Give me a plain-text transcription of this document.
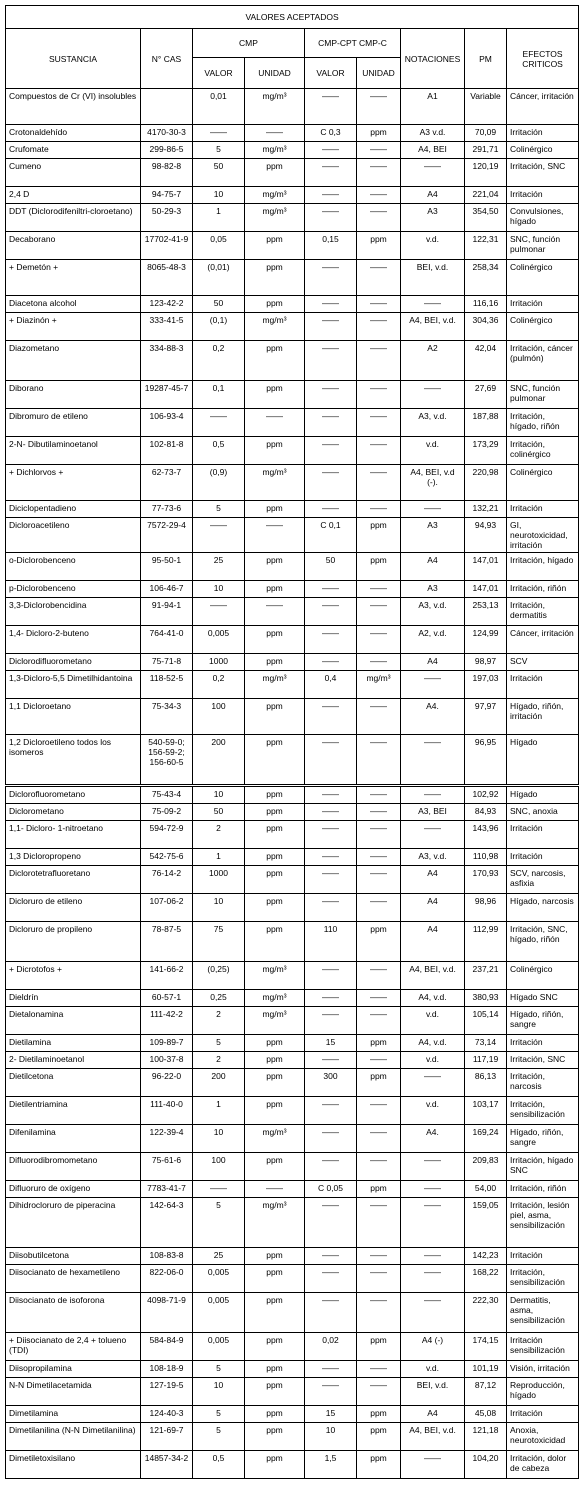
VALORES ACEPTADOS								
SUSTANCIA	N° CAS	CMP		CMP-CPT CMP-C		NOTACIONES	PM	EFECTOS CRITICOS
		VALOR	UNIDAD	VALOR	UNIDAD			
Compuestos de Cr (VI) insolubles		0,01	mg/m³	——	——	A1	Variable	Cáncer, irritación
Crotonaldehído	4170-30-3	——	——	C 0,3	ppm	A3 v.d.	70,09	Irritación
Crufomate	299-86-5	5	mg/m³	——	——	A4, BEI	291,71	Colinérgico
Cumeno	98-82-8	50	ppm	——	——	——	120,19	Irritación, SNC
2,4 D	94-75-7	10	mg/m³	——	——	A4	221,04	Irritación
DDT (Diclorodifeniltri-cloroetano)	50-29-3	1	mg/m³	——	——	A3	354,50	Convulsiones, hígado
Decaborano	17702-41-9	0,05	ppm	0,15	ppm	v.d.	122,31	SNC, función pulmonar
+ Demetón +	8065-48-3	(0,01)	ppm	——	——	BEI, v.d.	258,34	Colinérgico
Diacetona alcohol	123-42-2	50	ppm	——	——	——	116,16	Irritación
+ Diazinón +	333-41-5	(0,1)	mg/m³	——	——	A4, BEI, v.d.	304,36	Colinérgico
Diazometano	334-88-3	0,2	ppm	——	——	A2	42,04	Irritación, cáncer (pulmón)
Diborano	19287-45-7	0,1	ppm	——	——	——	27,69	SNC, función pulmonar
Dibromuro de etileno	106-93-4	——	——	——	——	A3, v.d.	187,88	Irritación, hígado, riñón
2-N- Dibutilaminoetanol	102-81-8	0,5	ppm	——	——	v.d.	173,29	Irritación, colinérgico
+ Dichlorvos +	62-73-7	(0,9)	mg/m³	——	——	A4, BEI, v.d (-).	220,98	Colinérgico
Diciclopentadieno	77-73-6	5	ppm	——	——	——	132,21	Irritación
Dicloroacetileno	7572-29-4	——	——	C 0,1	ppm	A3	94,93	GI, neurotoxicidad, irritación
o-Diclorobenceno	95-50-1	25	ppm	50	ppm	A4	147,01	Irritación, hígado
p-Diclorobenceno	106-46-7	10	ppm	——	——	A3	147,01	Irritación, riñón
3,3-Diclorobencidina	91-94-1	——	——	——	——	A3, v.d.	253,13	Irritación, dermatitis
1,4- Dicloro-2-buteno	764-41-0	0,005	ppm	——	——	A2, v.d.	124,99	Cáncer, irritación
Diclorodifluorometano	75-71-8	1000	ppm	——	——	A4	98,97	SCV
1,3-Dicloro-5,5 Dimetilhidantoina	118-52-5	0,2	mg/m³	0,4	mg/m³	——	197,03	Irritación
1,1 Dicloroetano	75-34-3	100	ppm	——	——	A4.	97,97	Hígado, riñón, irritación
1,2 Dicloroetileno todos los isomeros	540-59-0; 156-59-2; 156-60-5	200	ppm	——	——	——	96,95	Hígado
Diclorofluorometano	75-43-4	10	ppm	——	——	——	102,92	Hígado
Diclorometano	75-09-2	50	ppm	——	——	A3, BEI	84,93	SNC, anoxia
1,1- Dicloro- 1-nitroetano	594-72-9	2	ppm	——	——	——	143,96	Irritación
1,3 Dicloropropeno	542-75-6	1	ppm	——	——	A3, v.d.	110,98	Irritación
Diclorotetrafluoretano	76-14-2	1000	ppm	——	——	A4	170,93	SCV, narcosis, asfixia
Dicloruro de etileno	107-06-2	10	ppm	——	——	A4	98,96	Hígado, narcosis
Dicloruro de propileno	78-87-5	75	ppm	110	ppm	A4	112,99	Irritación, SNC, hígado, riñón
+ Dicrotofos +	141-66-2	(0,25)	mg/m³	——	——	A4, BEI, v.d.	237,21	Colinérgico
Dieldrín	60-57-1	0,25	mg/m³	——	——	A4, v.d.	380,93	Hígado SNC
Dietalonamina	111-42-2	2	mg/m³	——	——	v.d.	105,14	Hígado, riñón, sangre
Dietilamina	109-89-7	5	ppm	15	ppm	A4, v.d.	73,14	Irritación
2- Dietilaminoetanol	100-37-8	2	ppm	——	——	v.d.	117,19	Irritación, SNC
Dietilcetona	96-22-0	200	ppm	300	ppm	——	86,13	Irritación, narcosis
Dietilentriamina	111-40-0	1	ppm	——	——	v.d.	103,17	Irritación, sensibilización
Difenilamina	122-39-4	10	mg/m³	——	——	A4.	169,24	Hígado, riñón, sangre
Difluorodibromometano	75-61-6	100	ppm	——	——	——	209,83	Irritación, hígado SNC
Difluoruro de oxígeno	7783-41-7	——	——	C 0,05	ppm	——	54,00	Irritación, riñón
Dihidrocloruro de piperacina	142-64-3	5	mg/m³	——	——	——	159,05	Irritación, lesión piel, asma, sensibilización
Diisobutilcetona	108-83-8	25	ppm	——	——	——	142,23	Irritación
Diisocianato de hexametileno	822-06-0	0,005	ppm	——	——	——	168,22	Irritación, sensibilización
Diisocianato de isoforona	4098-71-9	0,005	ppm	——	——	——	222,30	Dermatitis, asma, sensibilización
+ Diisocianato de 2,4 + tolueno (TDI)	584-84-9	0,005	ppm	0,02	ppm	A4 (-)	174,15	Irritación sensibilización
Diisopropilamina	108-18-9	5	ppm	——	——	v.d.	101,19	Visión, irritación
N-N Dimetilacetamida	127-19-5	10	ppm	——	——	BEI, v.d.	87,12	Reproducción, hígado
Dimetilamina	124-40-3	5	ppm	15	ppm	A4	45,08	Irritación
Dimetilanilina (N-N Dimetilanilina)	121-69-7	5	ppm	10	ppm	A4, BEI, v.d.	121,18	Anoxia, neurotoxicidad
Dimetiletoxisilano	14857-34-2	0,5	ppm	1,5	ppm	——	104,20	Irritación, dolor de cabeza
